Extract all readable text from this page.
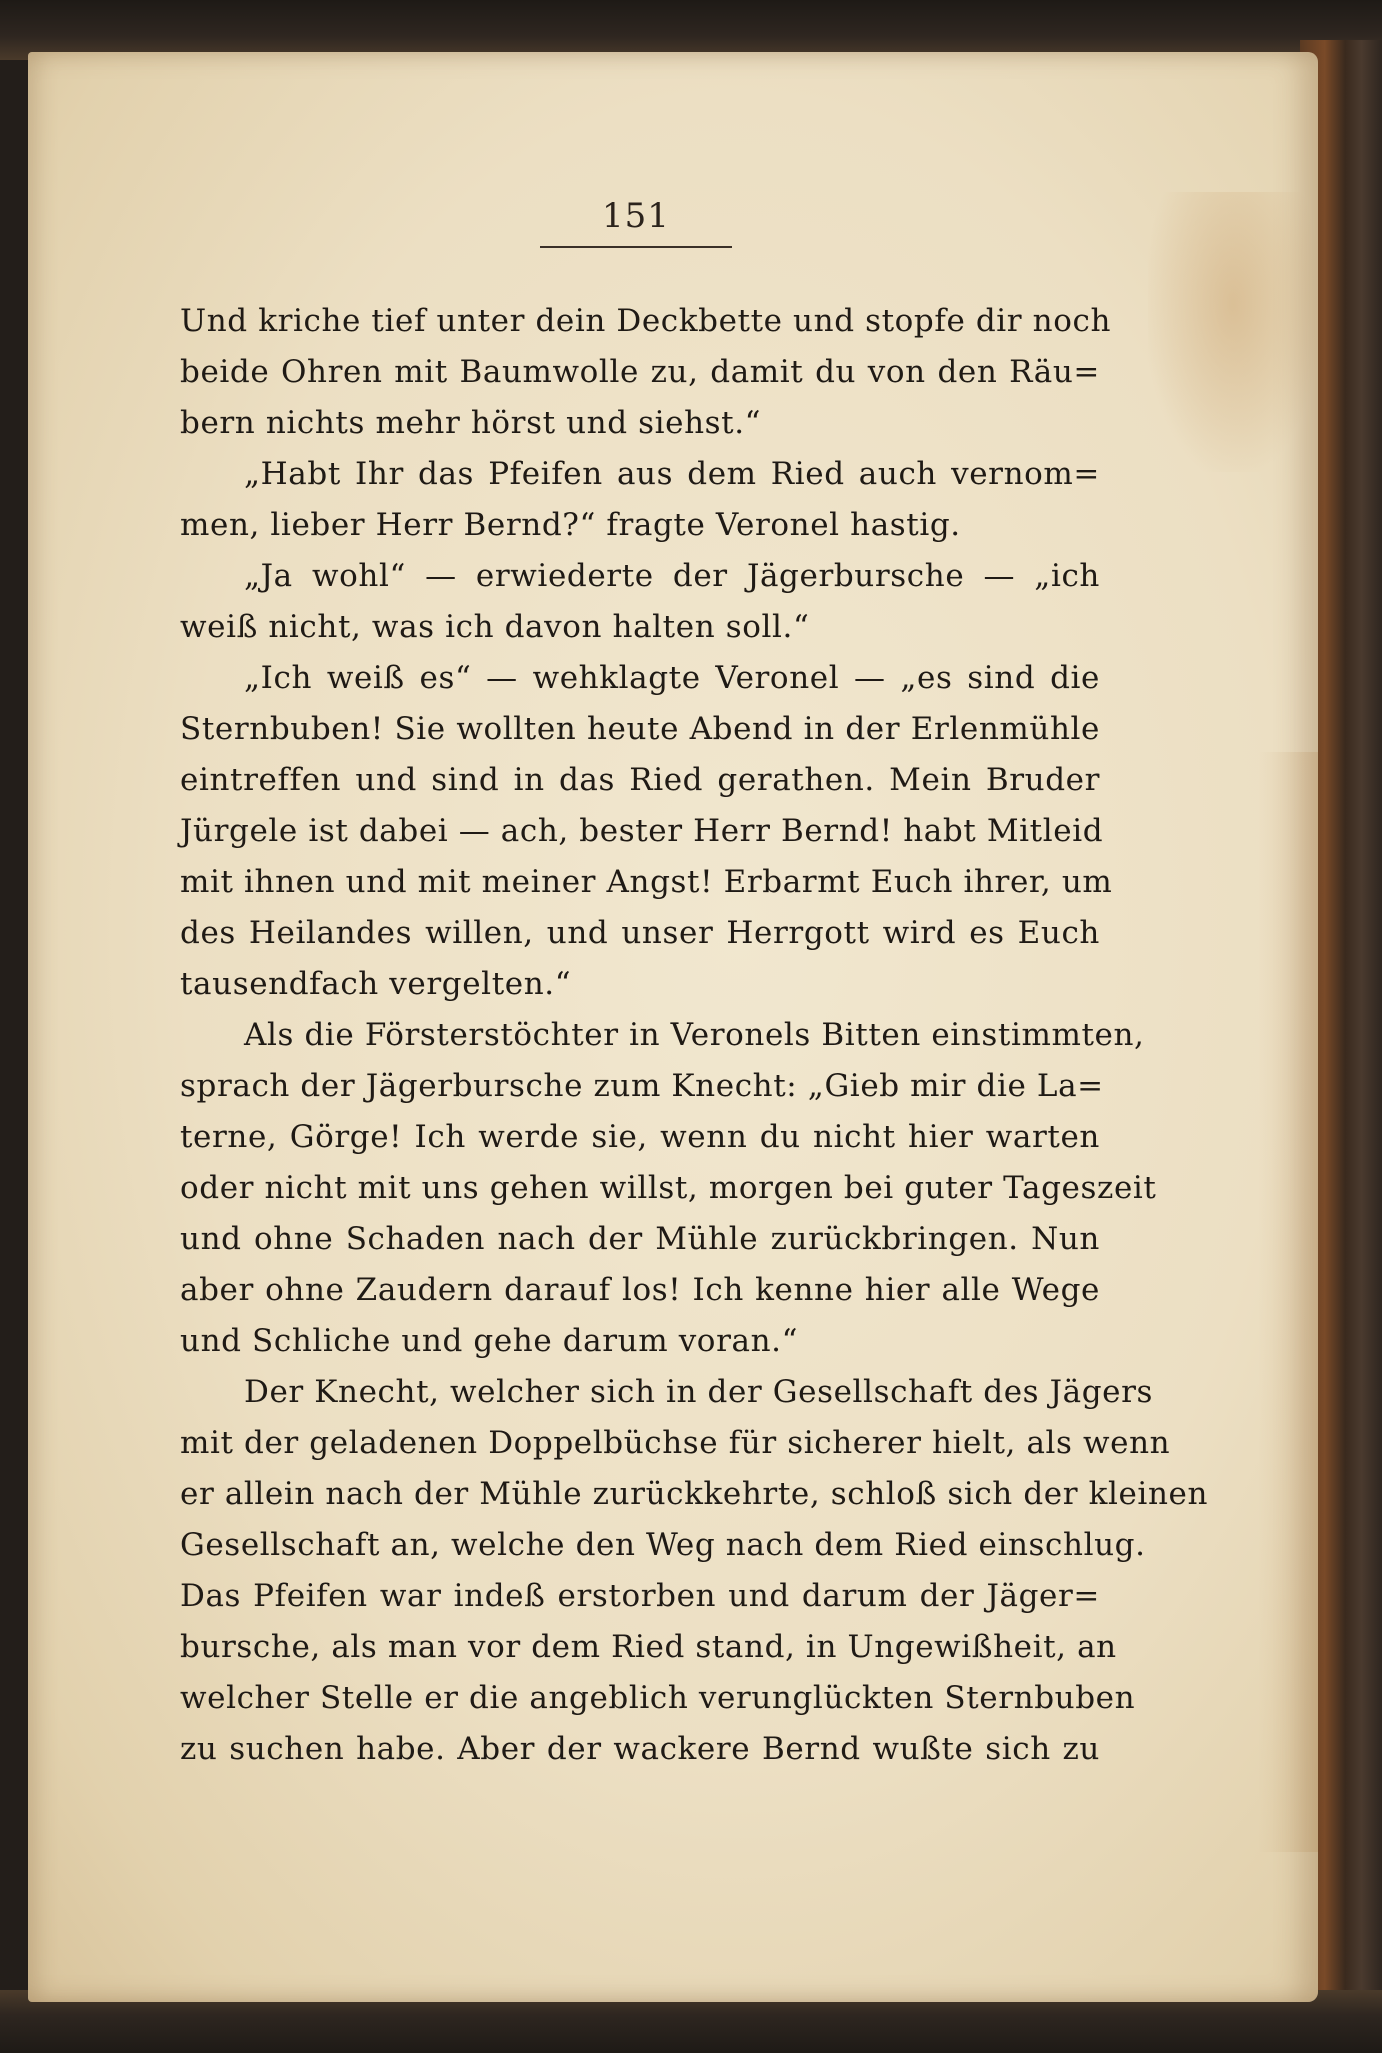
151
Und kriche tief unter dein Deckbette und stopfe dir noch
beide Ohren mit Baumwolle zu, damit du von den Räu=
bern nichts mehr hörst und siehst.“
„Habt Ihr das Pfeifen aus dem Ried auch vernom=
men, lieber Herr Bernd?“ fragte Veronel hastig.
„Ja wohl“ — erwiederte der Jägerbursche — „ich
weiß nicht, was ich davon halten soll.“
„Ich weiß es“ — wehklagte Veronel — „es sind die
Sternbuben! Sie wollten heute Abend in der Erlenmühle
eintreffen und sind in das Ried gerathen. Mein Bruder
Jürgele ist dabei — ach, bester Herr Bernd! habt Mitleid
mit ihnen und mit meiner Angst! Erbarmt Euch ihrer, um
des Heilandes willen, und unser Herrgott wird es Euch
tausendfach vergelten.“
Als die Försterstöchter in Veronels Bitten einstimmten,
sprach der Jägerbursche zum Knecht: „Gieb mir die La=
terne, Görge! Ich werde sie, wenn du nicht hier warten
oder nicht mit uns gehen willst, morgen bei guter Tageszeit
und ohne Schaden nach der Mühle zurückbringen. Nun
aber ohne Zaudern darauf los! Ich kenne hier alle Wege
und Schliche und gehe darum voran.“
Der Knecht, welcher sich in der Gesellschaft des Jägers
mit der geladenen Doppelbüchse für sicherer hielt, als wenn
er allein nach der Mühle zurückkehrte, schloß sich der kleinen
Gesellschaft an, welche den Weg nach dem Ried einschlug.
Das Pfeifen war indeß erstorben und darum der Jäger=
bursche, als man vor dem Ried stand, in Ungewißheit, an
welcher Stelle er die angeblich verunglückten Sternbuben
zu suchen habe. Aber der wackere Bernd wußte sich zu
